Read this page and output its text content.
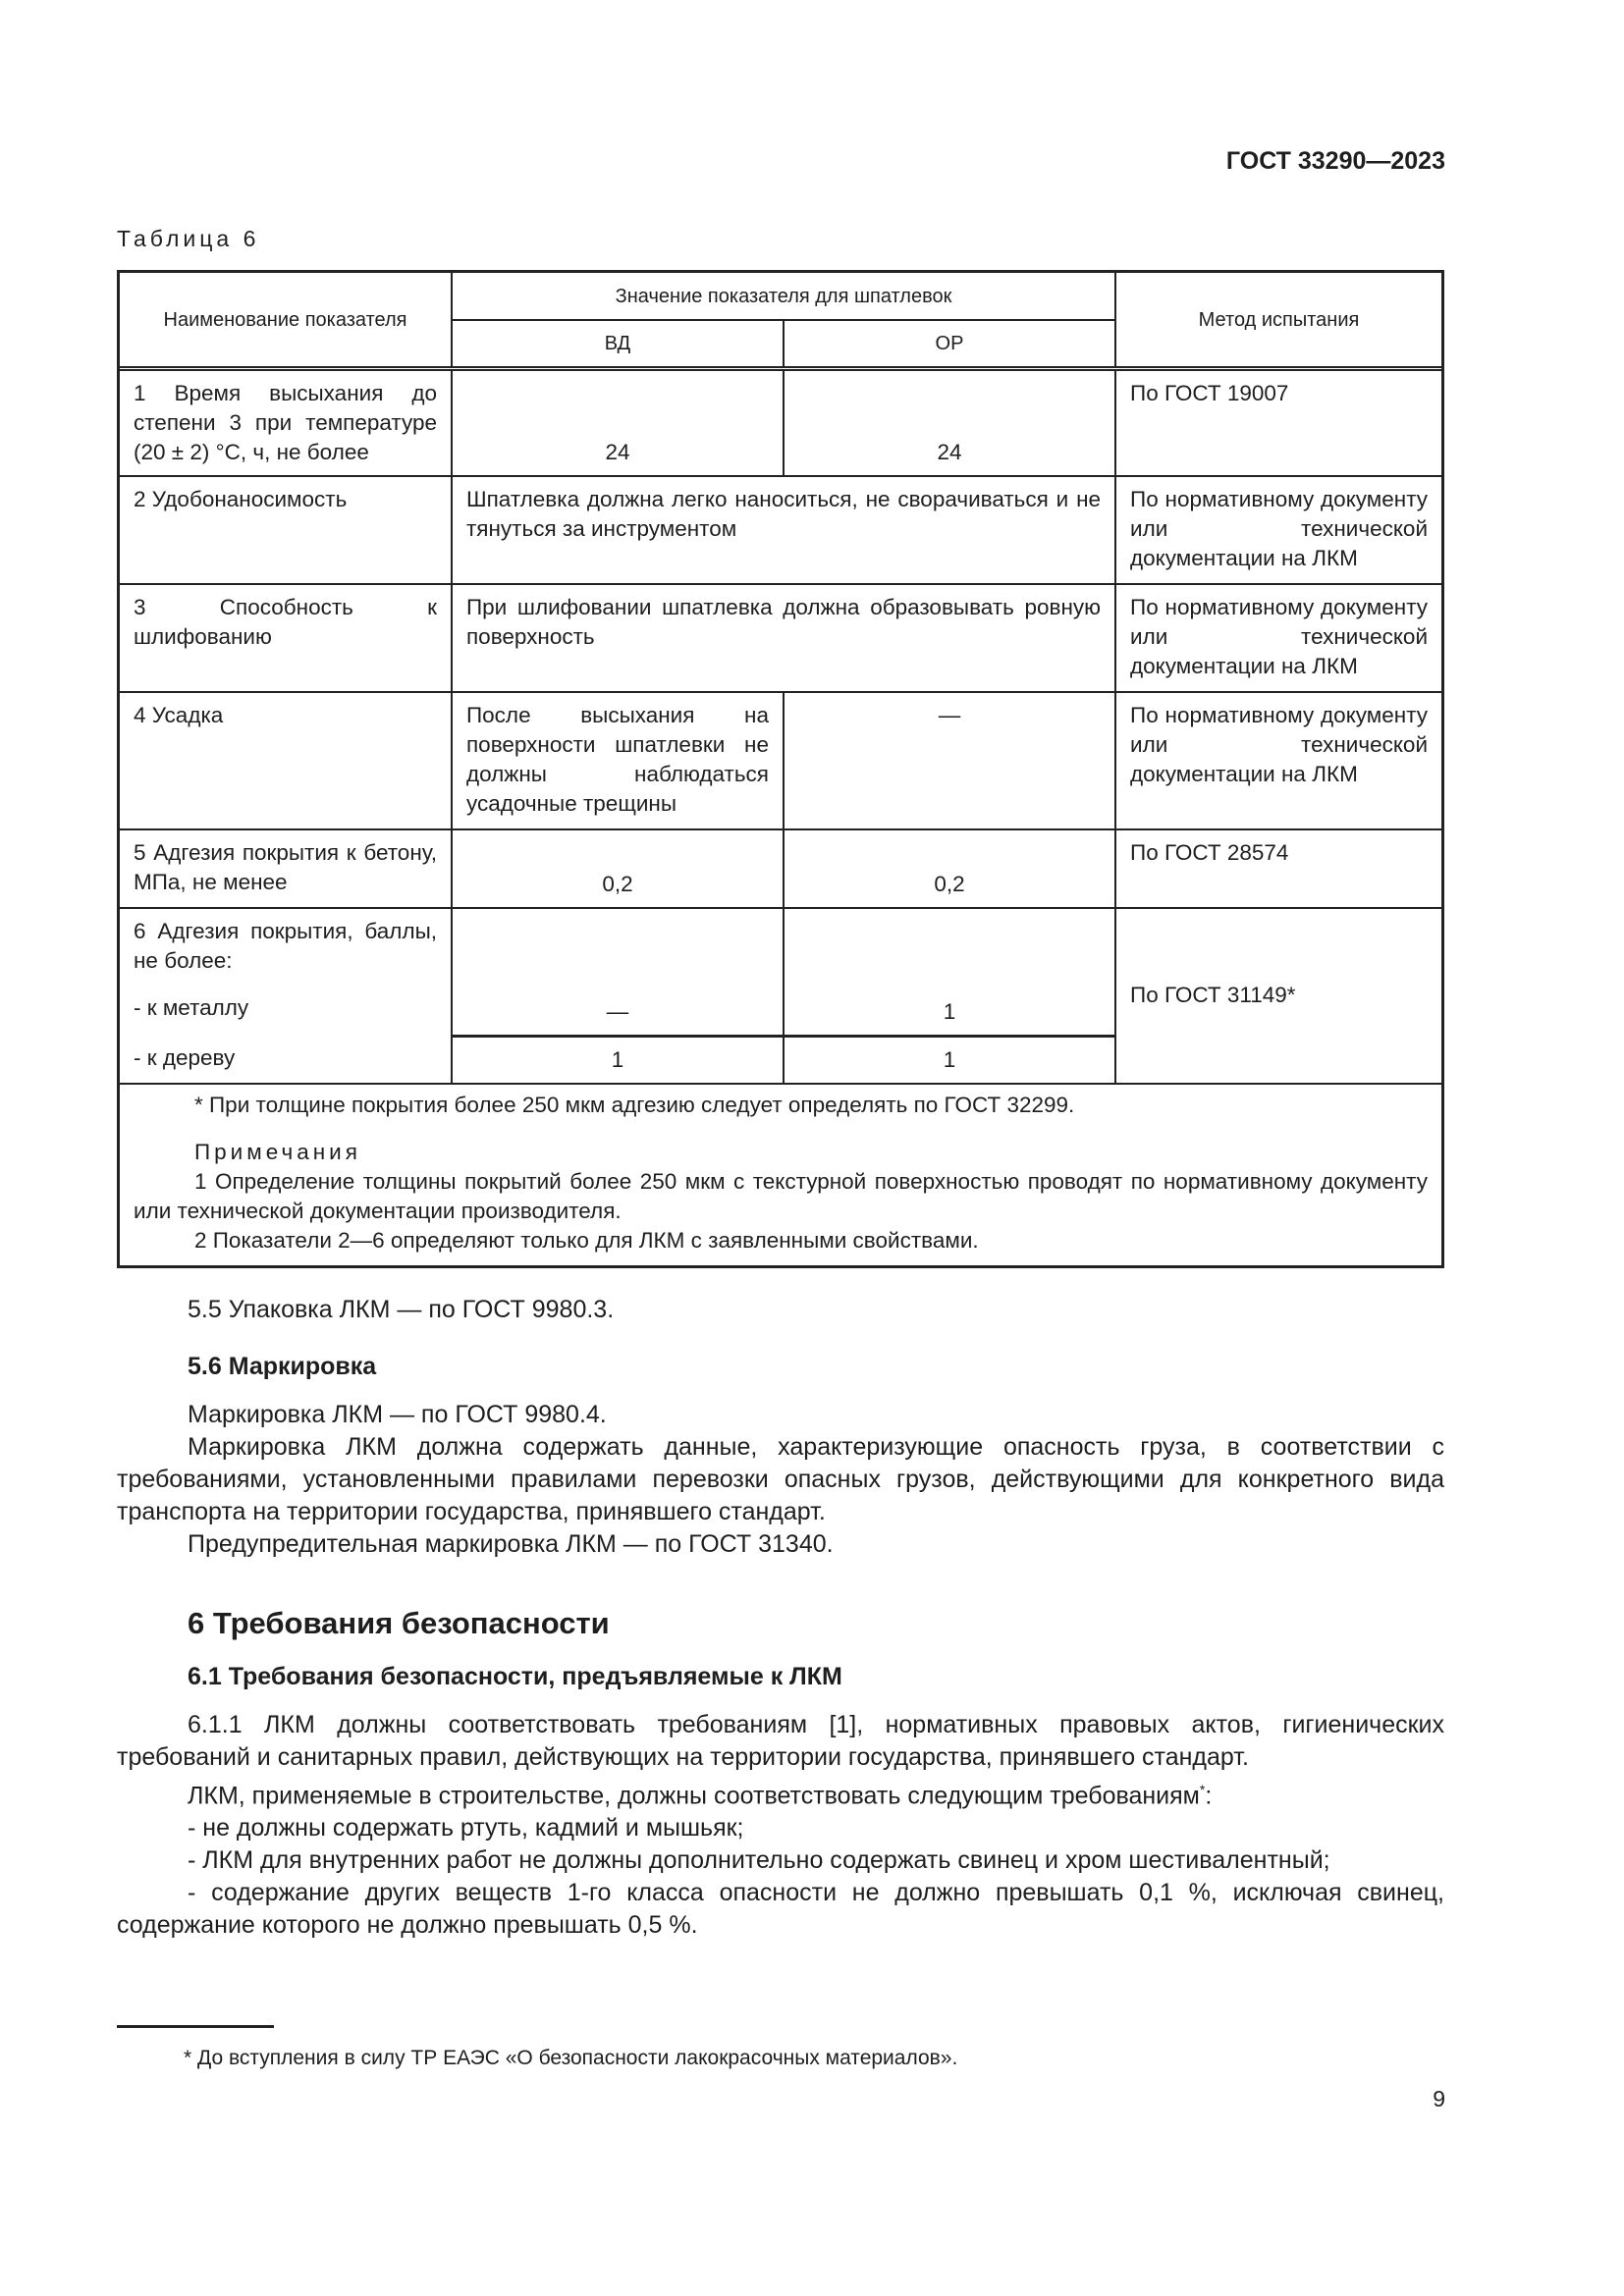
ГОСТ 33290—2023
Таблица 6
Наименование показателя	Значение показателя для шпатлевок		Метод испытания
	ВД	ОР	
1 Время высыхания до степени 3 при температуре (20 ± 2) °С, ч, не более	24	24	По ГОСТ 19007
2 Удобонаносимость	Шпатлевка должна легко наноситься, не сворачиваться и не тянуться за инструментом		По нормативному документу или технической документации на ЛКМ
3 Способность к шлифованию	При шлифовании шпатлевка должна образовывать ровную поверхность		По нормативному документу или технической документации на ЛКМ
4 Усадка	После высыхания на поверхности шпатлевки не должны наблюдаться усадочные трещины	—	По нормативному документу или технической документации на ЛКМ
5 Адгезия покрытия к бетону, МПа, не менее	0,2	0,2	По ГОСТ 28574

6 Адгезия покрытия, баллы, не более:
- к металлу	—	1	По ГОСТ 31149*
- к дереву	1	1	

* При толщине покрытия более 250 мкм адгезию следует определять по ГОСТ 32299.

Примечания

1 Определение толщины покрытий более 250 мкм с текстурной поверхностью проводят по нормативному документу или технической документации производителя.

2 Показатели 2—6 определяют только для ЛКМ с заявленными свойствами.

5.5 Упаковка ЛКМ — по ГОСТ 9980.3.

5.6 Маркировка

Маркировка ЛКМ — по ГОСТ 9980.4.

Маркировка ЛКМ должна содержать данные, характеризующие опасность груза, в соответствии с требованиями, установленными правилами перевозки опасных грузов, действующими для конкретного вида транспорта на территории государства, принявшего стандарт.

Предупредительная маркировка ЛКМ — по ГОСТ 31340.

6 Требования безопасности

6.1 Требования безопасности, предъявляемые к ЛКМ

6.1.1 ЛКМ должны соответствовать требованиям [1], нормативных правовых актов, гигиенических требований и санитарных правил, действующих на территории государства, принявшего стандарт.

ЛКМ, применяемые в строительстве, должны соответствовать следующим требованиям*:

- не должны содержать ртуть, кадмий и мышьяк;

- ЛКМ для внутренних работ не должны дополнительно содержать свинец и хром шестивалентный;

- содержание других веществ 1-го класса опасности не должно превышать 0,1 %, исключая свинец, содержание которого не должно превышать 0,5 %.

* До вступления в силу ТР ЕАЭС «О безопасности лакокрасочных материалов».
9
